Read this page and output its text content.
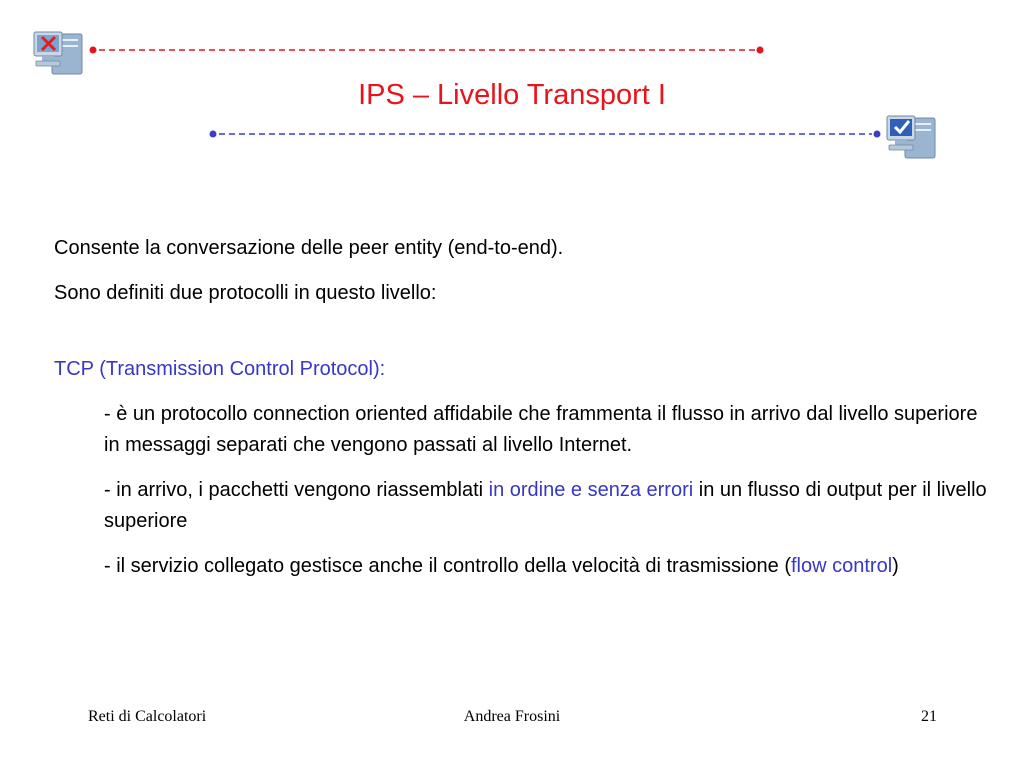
IPS – Livello Transport I

Consente la conversazione delle peer entity (end-to-end).

Sono definiti due protocolli in questo livello:

TCP (Transmission Control Protocol):

- è un protocollo connection oriented affidabile che frammenta il flusso in arrivo dal livello superiore in messaggi separati che vengono passati al livello Internet.

- in arrivo, i pacchetti vengono riassemblati in ordine e senza errori in un flusso di output per il livello superiore

- il servizio collegato gestisce anche il controllo della velocità di trasmissione (flow control)

Reti di Calcolatori	Andrea Frosini	21
